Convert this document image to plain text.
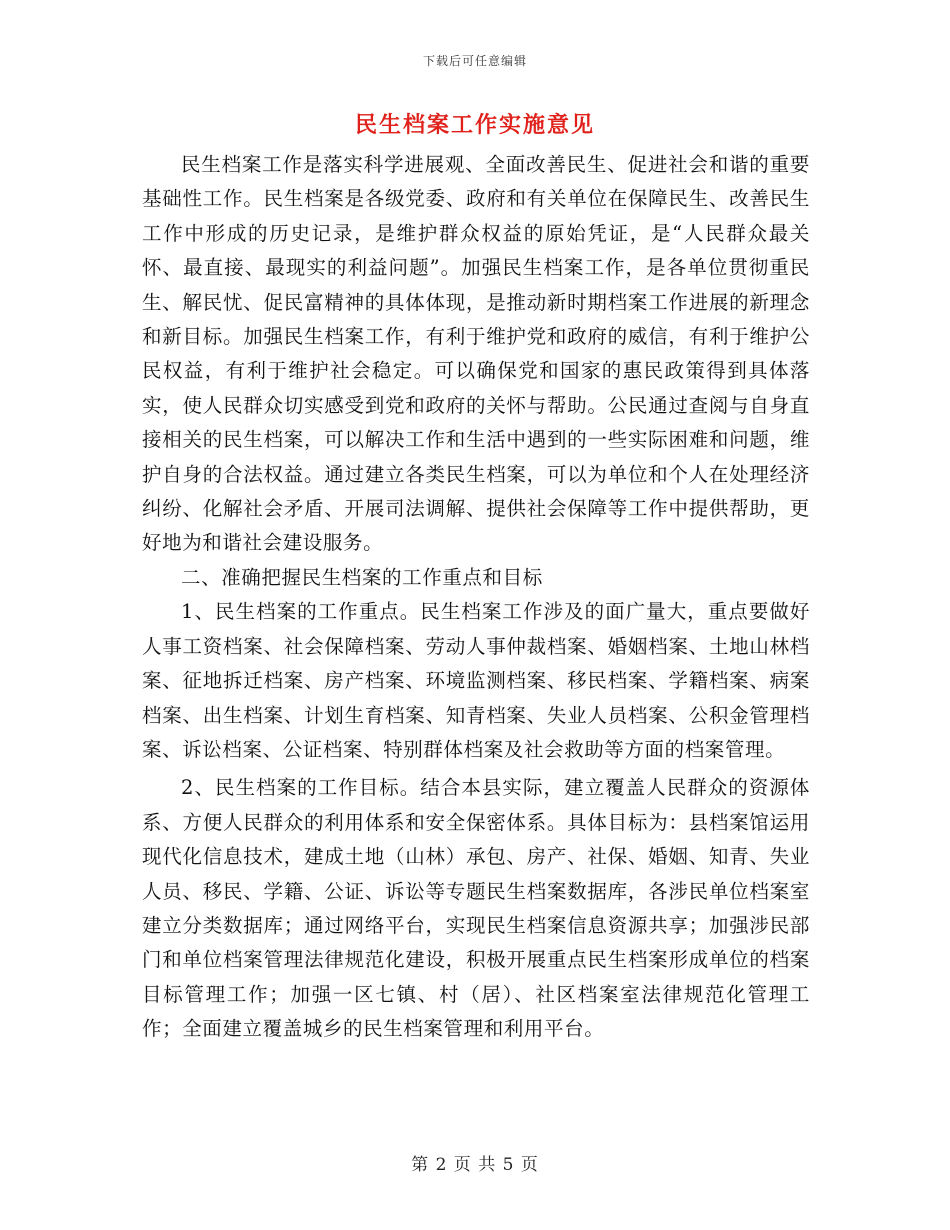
下载后可任意编辑
民生档案工作实施意见

民生档案工作是落实科学进展观、全面改善民生、促进社会和谐的重要基础性工作。民生档案是各级党委、政府和有关单位在保障民生、改善民生工作中形成的历史记录，是维护群众权益的原始凭证，是“人民群众最关怀、最直接、最现实的利益问题”。加强民生档案工作，是各单位贯彻重民生、解民忧、促民富精神的具体体现，是推动新时期档案工作进展的新理念和新目标。加强民生档案工作，有利于维护党和政府的威信，有利于维护公民权益，有利于维护社会稳定。可以确保党和国家的惠民政策得到具体落实，使人民群众切实感受到党和政府的关怀与帮助。公民通过查阅与自身直接相关的民生档案，可以解决工作和生活中遇到的一些实际困难和问题，维护自身的合法权益。通过建立各类民生档案，可以为单位和个人在处理经济纠纷、化解社会矛盾、开展司法调解、提供社会保障等工作中提供帮助，更好地为和谐社会建设服务。

二、准确把握民生档案的工作重点和目标

1、民生档案的工作重点。民生档案工作涉及的面广量大，重点要做好人事工资档案、社会保障档案、劳动人事仲裁档案、婚姻档案、土地山林档案、征地拆迁档案、房产档案、环境监测档案、移民档案、学籍档案、病案档案、出生档案、计划生育档案、知青档案、失业人员档案、公积金管理档案、诉讼档案、公证档案、特别群体档案及社会救助等方面的档案管理。

2、民生档案的工作目标。结合本县实际，建立覆盖人民群众的资源体系、方便人民群众的利用体系和安全保密体系。具体目标为：县档案馆运用现代化信息技术，建成土地（山林）承包、房产、社保、婚姻、知青、失业人员、移民、学籍、公证、诉讼等专题民生档案数据库，各涉民单位档案室建立分类数据库；通过网络平台，实现民生档案信息资源共享；加强涉民部门和单位档案管理法律规范化建设，积极开展重点民生档案形成单位的档案目标管理工作；加强一区七镇、村（居）、社区档案室法律规范化管理工作；全面建立覆盖城乡的民生档案管理和利用平台。

第 2 页 共 5 页
